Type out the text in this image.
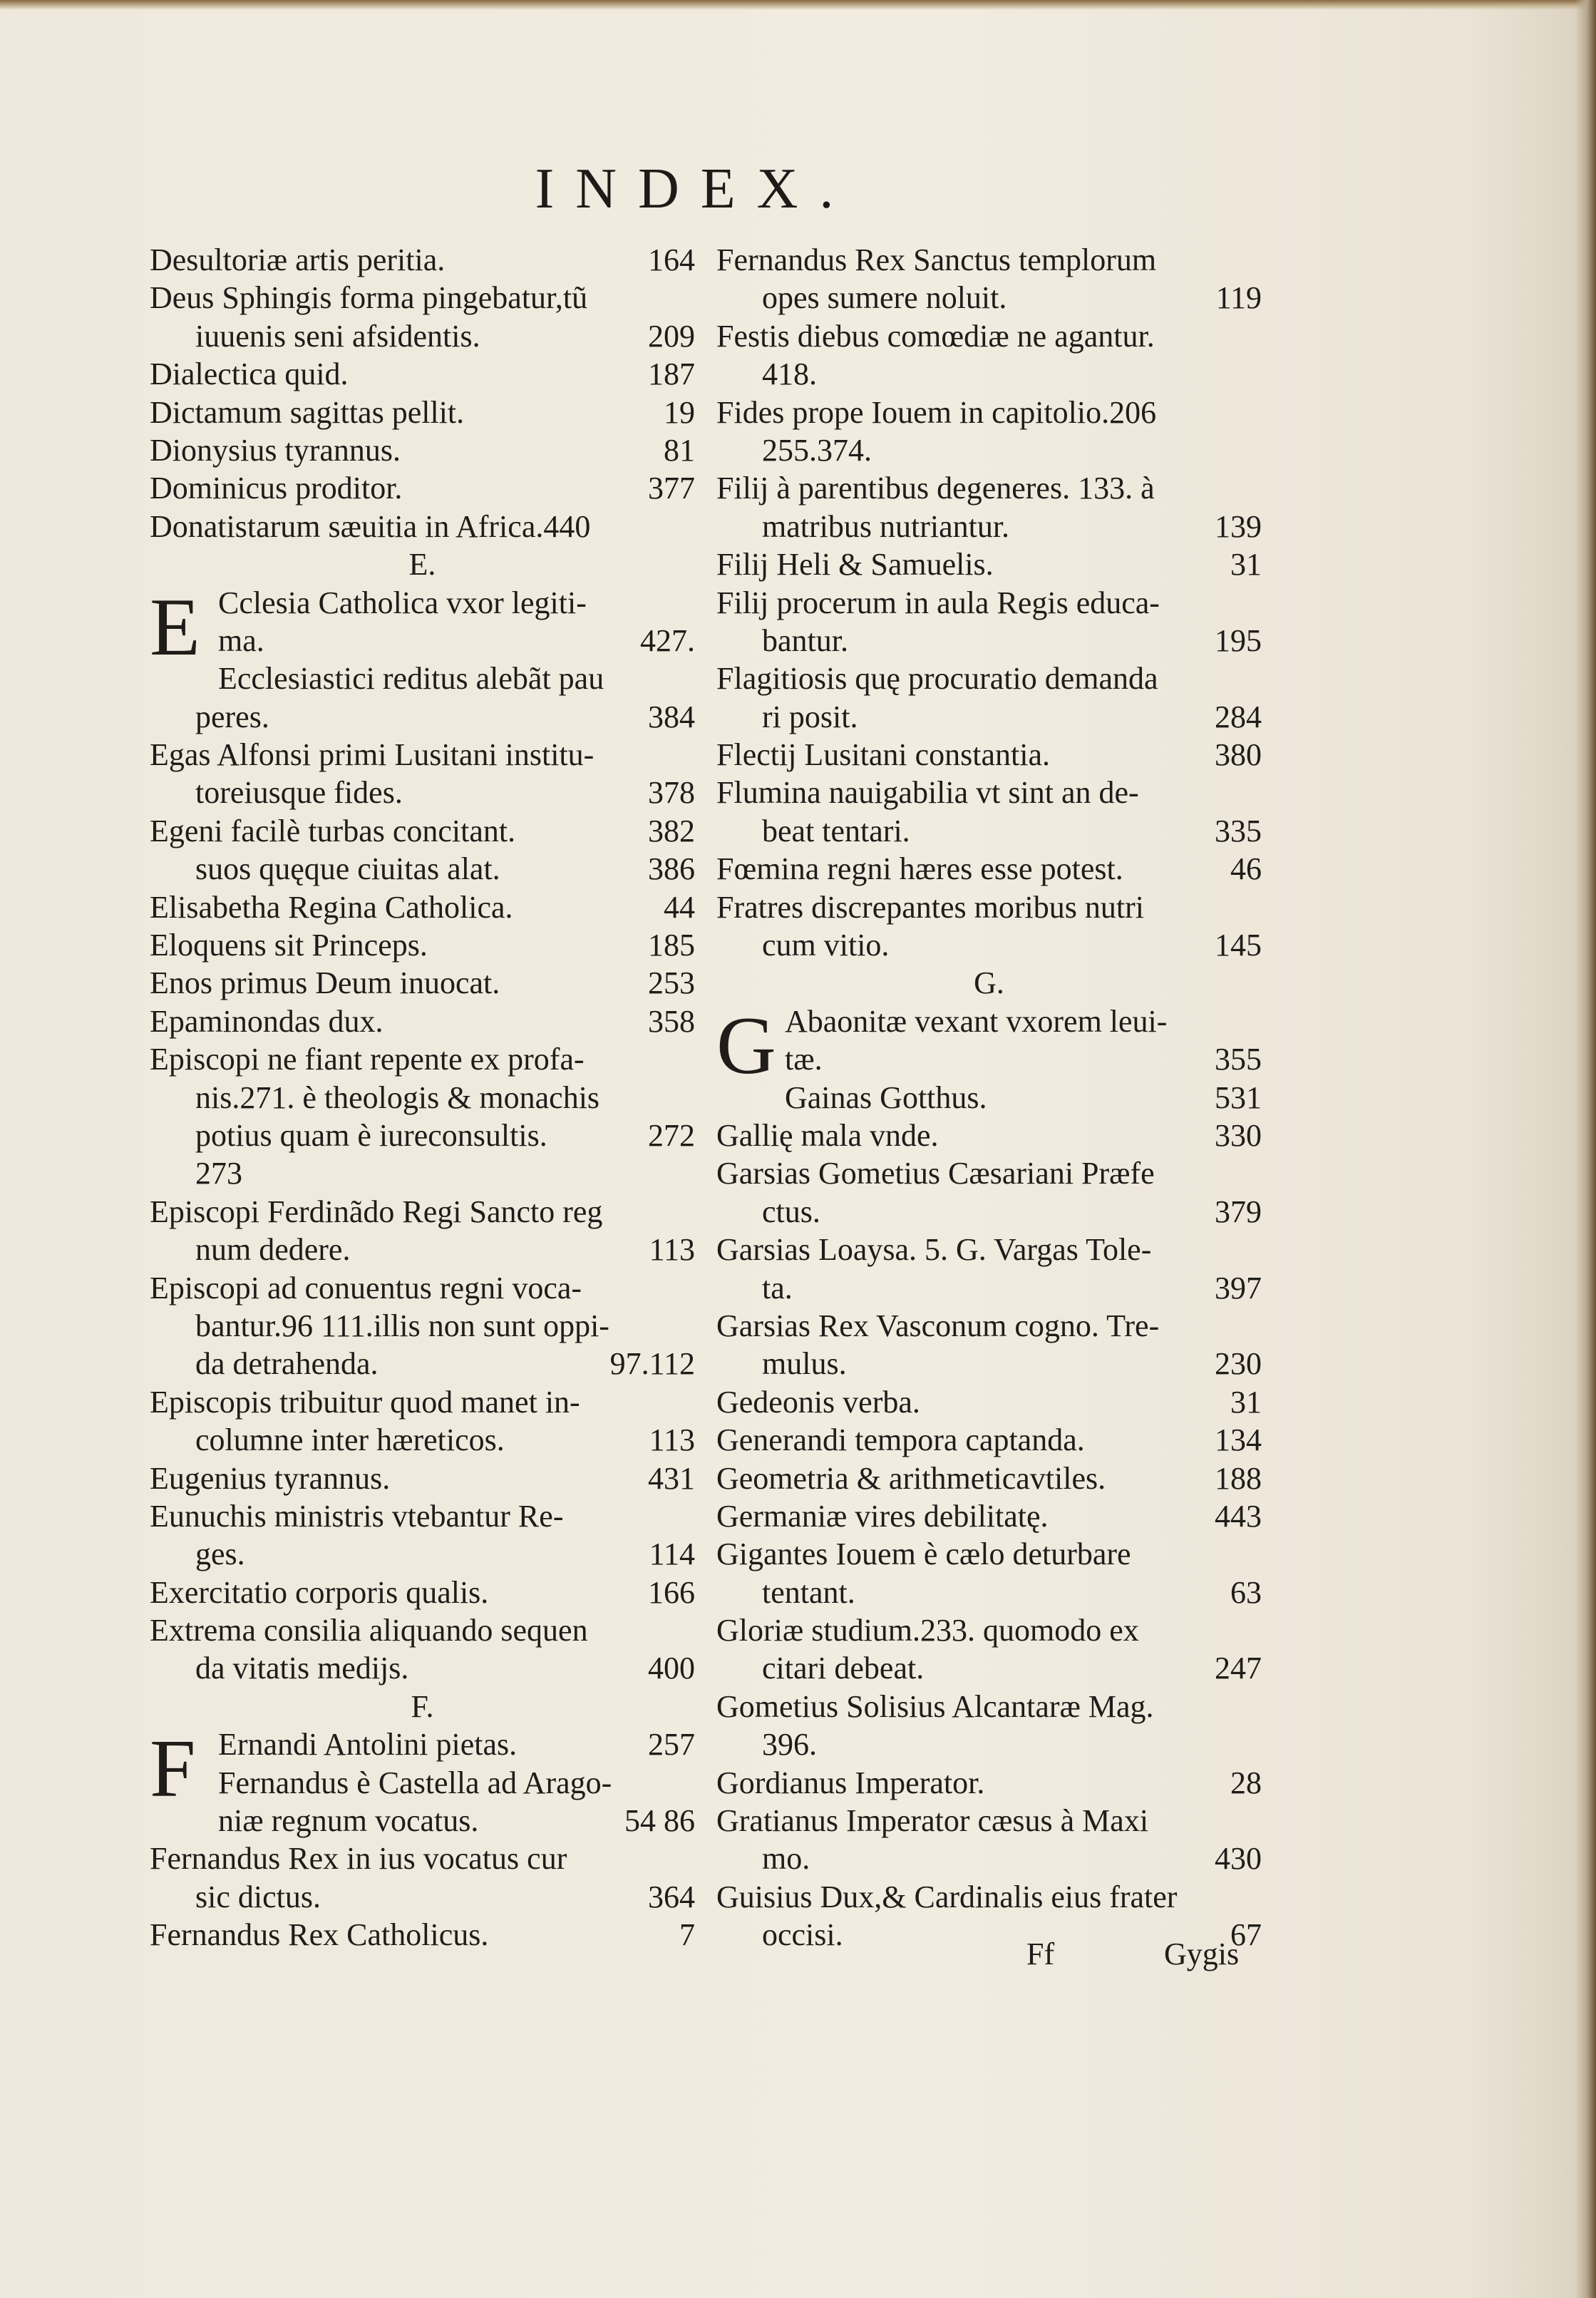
INDEX.
Desultoriæ artis peritia.	164
Deus Sphingis forma pingebatur,tũ
iuuenis seni afsidentis.	209
Dialectica quid.	187
Dictamum sagittas pellit.	19
Dionysius tyrannus.	81
Dominicus proditor.	377
Donatistarum sæuitia in Africa.440
E.
E Cclesia Catholica vxor legiti-
ma.	427.
Ecclesiastici reditus alebãt pau
peres.	384
Egas Alfonsi primi Lusitani institu-
toreiusque fides.	378
Egeni facilè turbas concitant.	382
suos quęque ciuitas alat.	386
Elisabetha Regina Catholica.	44
Eloquens sit Princeps.	185
Enos primus Deum inuocat.	253
Epaminondas dux.	358
Episcopi ne fiant repente ex profa-
nis.271. è theologis & monachis
potius quam è iureconsultis.	272
273
Episcopi Ferdinãdo Regi Sancto reg
num dedere.	113
Episcopi ad conuentus regni voca-
bantur.96 111.illis non sunt oppi-
da detrahenda.	97.112
Episcopis tribuitur quod manet in-
columne inter hæreticos.	113
Eugenius tyrannus.	431
Eunuchis ministris vtebantur Re-
ges.	114
Exercitatio corporis qualis.	166
Extrema consilia aliquando sequen
da vitatis medijs.	400
F.
F Ernandi Antolini pietas.	257
Fernandus è Castella ad Arago-
niæ regnum vocatus.	54 86
Fernandus Rex in ius vocatus cur
sic dictus.	364
Fernandus Rex Catholicus.	7
Fernandus Rex Sanctus templorum
opes sumere noluit.	119
Festis diebus comœdiæ ne agantur.
418.
Fides prope Iouem in capitolio.206
255.374.
Filij à parentibus degeneres. 133. à
matribus nutriantur.	139
Filij Heli & Samuelis.	31
Filij procerum in aula Regis educa-
bantur.	195
Flagitiosis quę procuratio demanda
ri posit.	284
Flectij Lusitani constantia.	380
Flumina nauigabilia vt sint an de-
beat tentari.	335
Fœmina regni hæres esse potest.	46
Fratres discrepantes moribus nutri
cum vitio.	145
G.
G Abaonitæ vexant vxorem leui-
tæ.	355
Gainas Gotthus.	531
Gallię mala vnde.	330
Garsias Gometius Cæsariani Præfe
ctus.	379
Garsias Loaysa. 5. G. Vargas Tole-
ta.	397
Garsias Rex Vasconum cogno. Tre-
mulus.	230
Gedeonis verba.	31
Generandi tempora captanda.	134
Geometria & arithmeticavtiles.	188
Germaniæ vires debilitatę.	443
Gigantes Iouem è cælo deturbare
tentant.	63
Gloriæ studium.233. quomodo ex
citari debeat.	247
Gometius Solisius Alcantaræ Mag.
396.
Gordianus Imperator.	28
Gratianus Imperator cæsus à Maxi
mo.	430
Guisius Dux,& Cardinalis eius frater
occisi.	67
Ff	Gygis
